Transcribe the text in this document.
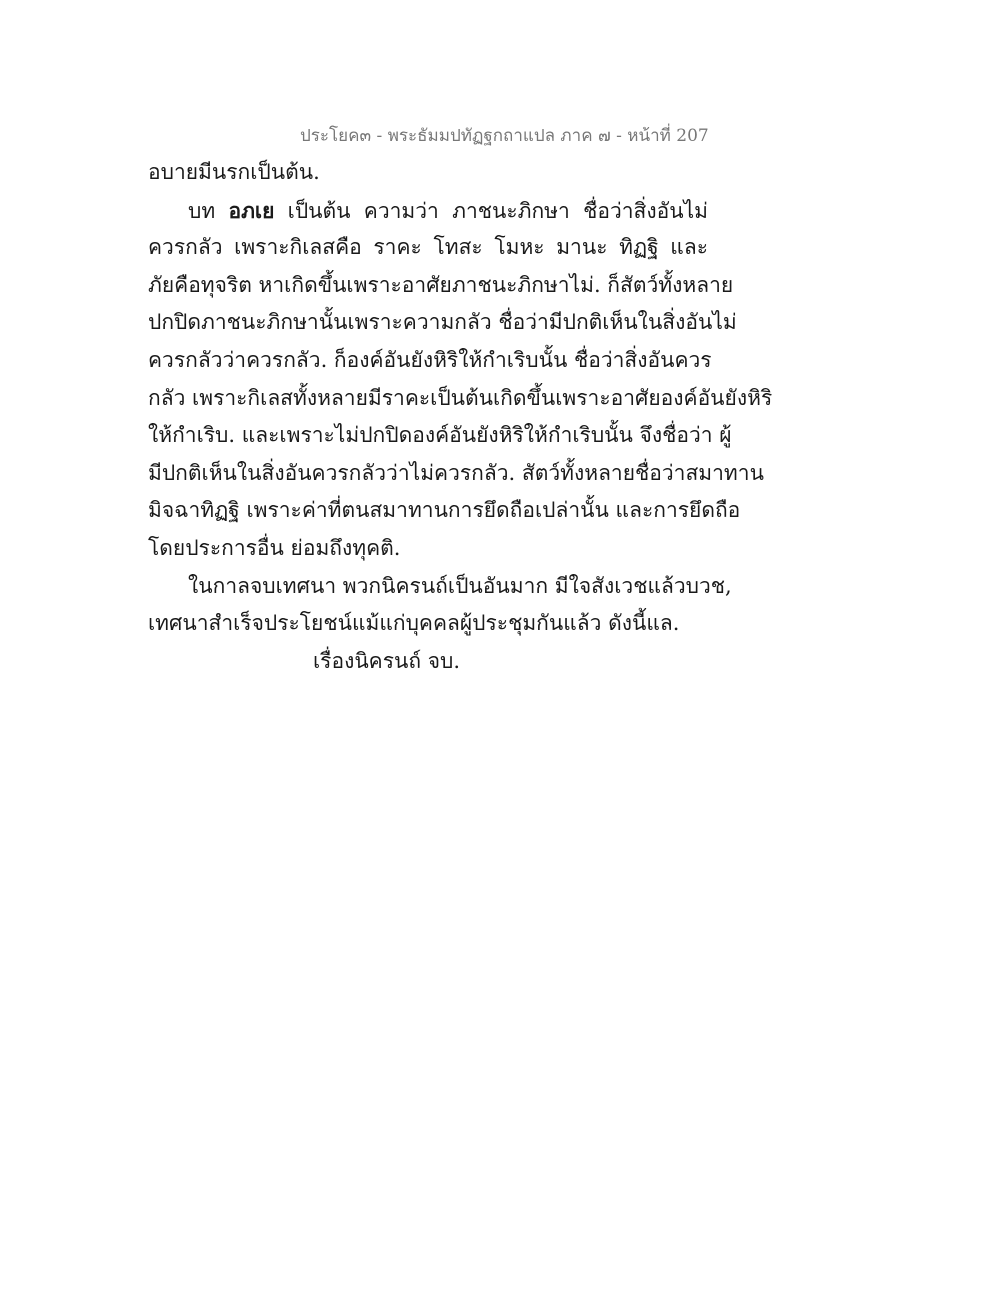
ประโยค๓ - พระธัมมปทัฏฐกถาแปล ภาค ๗ - หน้าที่ 207
อบายมีนรกเป็นต้น.
บท อภเย เป็นต้น ความว่า ภาชนะภิกษา ชื่อว่าสิ่งอันไม่
ควรกลัว เพราะกิเลสคือ ราคะ โทสะ โมหะ มานะ ทิฏฐิ และ
ภัยคือทุจริต หาเกิดขึ้นเพราะอาศัยภาชนะภิกษาไม่. ก็สัตว์ทั้งหลาย
ปกปิดภาชนะภิกษานั้นเพราะความกลัว ชื่อว่ามีปกติเห็นในสิ่งอันไม่
ควรกลัวว่าควรกลัว. ก็องค์อันยังหิริให้กำเริบนั้น ชื่อว่าสิ่งอันควร
กลัว เพราะกิเลสทั้งหลายมีราคะเป็นต้นเกิดขึ้นเพราะอาศัยองค์อันยังหิริ
ให้กำเริบ. และเพราะไม่ปกปิดองค์อันยังหิริให้กำเริบนั้น จึงชื่อว่า ผู้
มีปกติเห็นในสิ่งอันควรกลัวว่าไม่ควรกลัว. สัตว์ทั้งหลายชื่อว่าสมาทาน
มิจฉาทิฏฐิ เพราะค่าที่ตนสมาทานการยึดถือเปล่านั้น และการยึดถือ
โดยประการอื่น ย่อมถึงทุคติ.
ในกาลจบเทศนา พวกนิครนถ์เป็นอันมาก มีใจสังเวชแล้วบวช,
เทศนาสำเร็จประโยชน์แม้แก่บุคคลผู้ประชุมกันแล้ว ดังนี้แล.
เรื่องนิครนถ์ จบ.
